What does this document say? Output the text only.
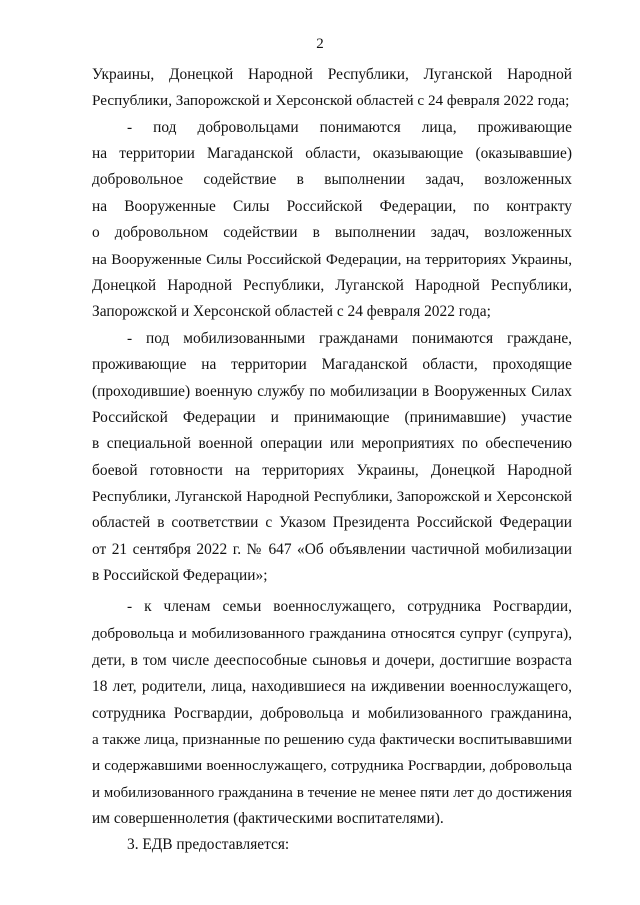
2
Украины, Донецкой Народной Республики, Луганской Народной
Республики, Запорожской и Херсонской областей с 24 февраля 2022 года;
- под добровольцами понимаются лица, проживающие
на территории Магаданской области, оказывающие (оказывавшие)
добровольное содействие в выполнении задач, возложенных
на Вооруженные Силы Российской Федерации, по контракту
о добровольном содействии в выполнении задач, возложенных
на Вооруженные Силы Российской Федерации, на территориях Украины,
Донецкой Народной Республики, Луганской Народной Республики,
Запорожской и Херсонской областей с 24 февраля 2022 года;
- под мобилизованными гражданами понимаются граждане,
проживающие на территории Магаданской области, проходящие
(проходившие) военную службу по мобилизации в Вооруженных Силах
Российской Федерации и принимающие (принимавшие) участие
в специальной военной операции или мероприятиях по обеспечению
боевой готовности на территориях Украины, Донецкой Народной
Республики, Луганской Народной Республики, Запорожской и Херсонской
областей в соответствии с Указом Президента Российской Федерации
от 21 сентября 2022 г. № 647 «Об объявлении частичной мобилизации
в Российской Федерации»;
- к членам семьи военнослужащего, сотрудника Росгвардии,
добровольца и мобилизованного гражданина относятся супруг (супруга),
дети, в том числе дееспособные сыновья и дочери, достигшие возраста
18 лет, родители, лица, находившиеся на иждивении военнослужащего,
сотрудника Росгвардии, добровольца и мобилизованного гражданина,
а также лица, признанные по решению суда фактически воспитывавшими
и содержавшими военнослужащего, сотрудника Росгвардии, добровольца
и мобилизованного гражданина в течение не менее пяти лет до достижения
им совершеннолетия (фактическими воспитателями).
3. ЕДВ предоставляется:
